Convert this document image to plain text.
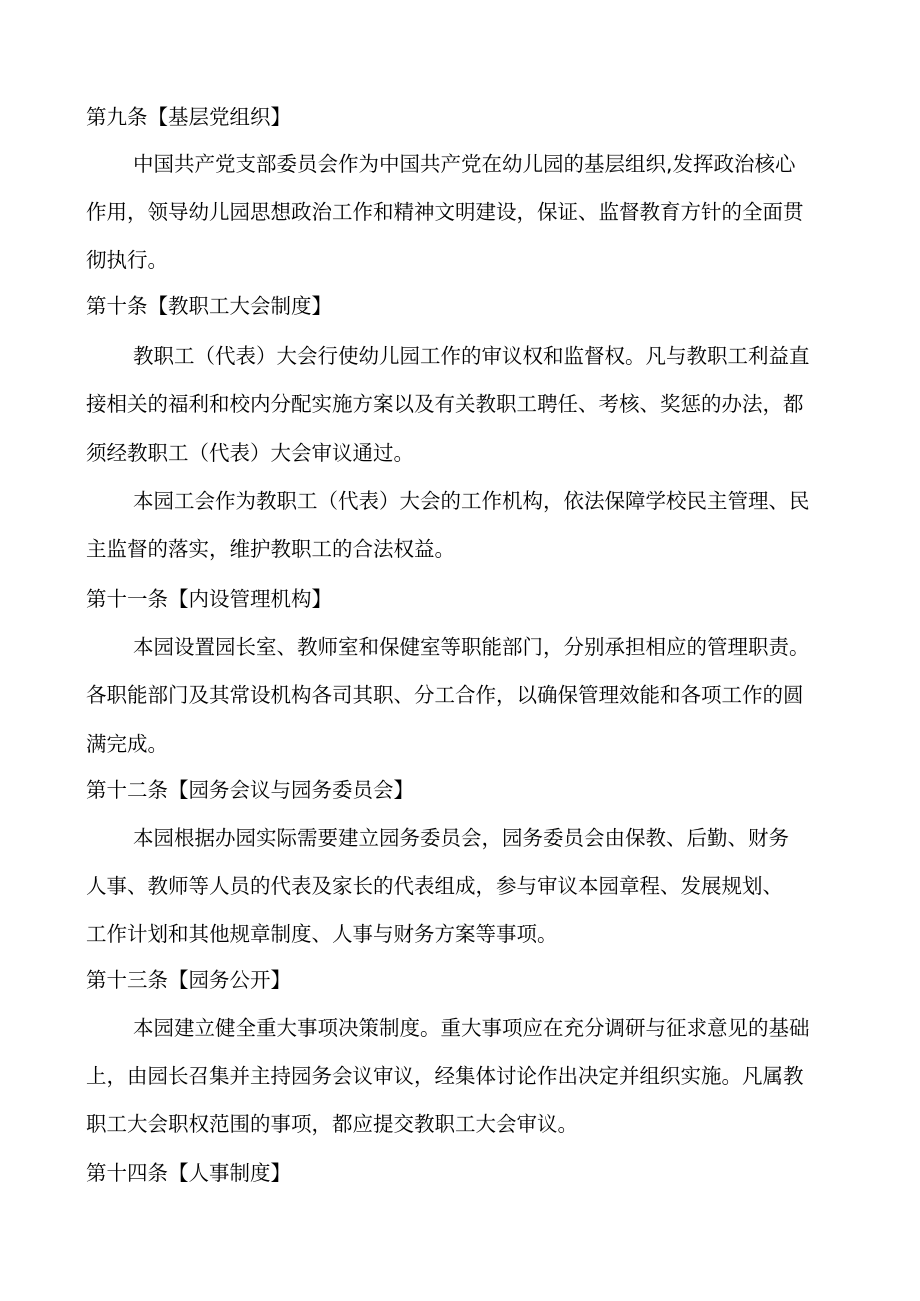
第九条【基层党组织】
中国共产党支部委员会作为中国共产党在幼儿园的基层组织,发挥政治核心
作用，领导幼儿园思想政治工作和精神文明建设，保证、监督教育方针的全面贯
彻执行。
第十条【教职工大会制度】
教职工（代表）大会行使幼儿园工作的审议权和监督权。凡与教职工利益直
接相关的福利和校内分配实施方案以及有关教职工聘任、考核、奖惩的办法，都
须经教职工（代表）大会审议通过。
本园工会作为教职工（代表）大会的工作机构，依法保障学校民主管理、民
主监督的落实，维护教职工的合法权益。
第十一条【内设管理机构】
本园设置园长室、教师室和保健室等职能部门，分别承担相应的管理职责。
各职能部门及其常设机构各司其职、分工合作，以确保管理效能和各项工作的圆
满完成。
第十二条【园务会议与园务委员会】
本园根据办园实际需要建立园务委员会，园务委员会由保教、后勤、财务
人事、教师等人员的代表及家长的代表组成，参与审议本园章程、发展规划、
工作计划和其他规章制度、人事与财务方案等事项。
第十三条【园务公开】
本园建立健全重大事项决策制度。重大事项应在充分调研与征求意见的基础
上，由园长召集并主持园务会议审议，经集体讨论作出决定并组织实施。凡属教
职工大会职权范围的事项，都应提交教职工大会审议。
第十四条【人事制度】
